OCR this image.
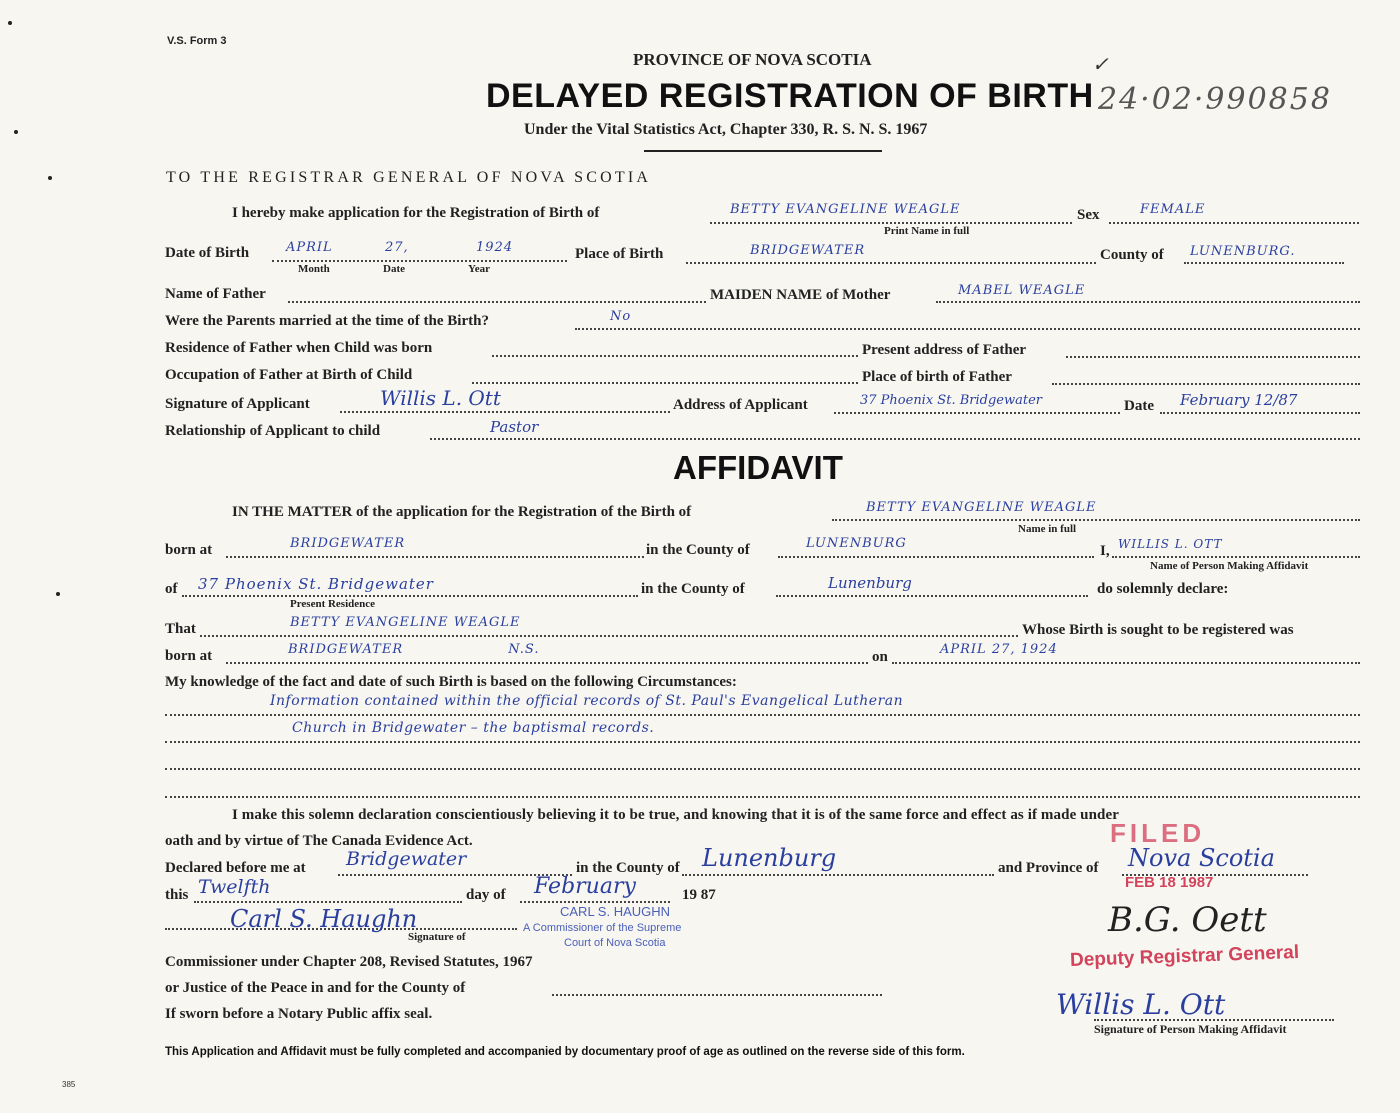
V.S. Form 3
PROVINCE OF NOVA SCOTIA
DELAYED REGISTRATION OF BIRTH 24·02·990858
✓
Under the Vital Statistics Act, Chapter 330, R. S. N. S. 1967
TO THE REGISTRAR GENERAL OF NOVA SCOTIA
I hereby make application for the Registration of Birth of	BETTY EVANGELINE WEAGLE	Sex	FEMALE
Print Name in full
Date of Birth	APRIL	27,	1924
Month	Date	Year
Place of Birth	BRIDGEWATER	County of LUNENBURG.
Name of Father	MAIDEN NAME of Mother	MABEL WEAGLE
Were the Parents married at the time of the Birth?	No
Residence of Father when Child was born	Present address of Father
Occupation of Father at Birth of Child	Place of birth of Father
Signature of Applicant	Willis L. Ott	Address of Applicant	37 Phoenix St. Bridgewater	Date February 12/87
Relationship of Applicant to child	Pastor
AFFIDAVIT
IN THE MATTER of the application for the Registration of the Birth of	BETTY EVANGELINE WEAGLE
Name in full
born at	BRIDGEWATER	in the County of	LUNENBURG	I, WILLIS L. OTT
Name of Person Making Affidavit
of 37 Phoenix St. Bridgewater
Present Residence
in the County of	Lunenburg	do solemnly declare:
That	BETTY EVANGELINE WEAGLE	Whose Birth is sought to be registered was
born at	BRIDGEWATER N.S.	on	APRIL 27, 1924
My knowledge of the fact and date of such Birth is based on the following Circumstances:
Information contained within the official records of St. Paul's Evangelical Lutheran
Church in Bridgewater – the baptismal records.
I make this solemn declaration conscientiously believing it to be true, and knowing that it is of the same force and effect as if made under
oath and by virtue of The Canada Evidence Act.
Declared before me at Bridgewater	in the County of Lunenburg	and Province of Nova Scotia
this Twelfth	day of February	19 87
Carl S. Haughn
Signature of
CARL S. HAUGHN
A Commissioner of the Supreme
Court of Nova Scotia
Commissioner under Chapter 208, Revised Statutes, 1967
or Justice of the Peace in and for the County of
If sworn before a Notary Public affix seal.
FILED
FEB 18 1987
B.G. Oett
Deputy Registrar General
Willis L. Ott
Signature of Person Making Affidavit
This Application and Affidavit must be fully completed and accompanied by documentary proof of age as outlined on the reverse side of this form.
385
